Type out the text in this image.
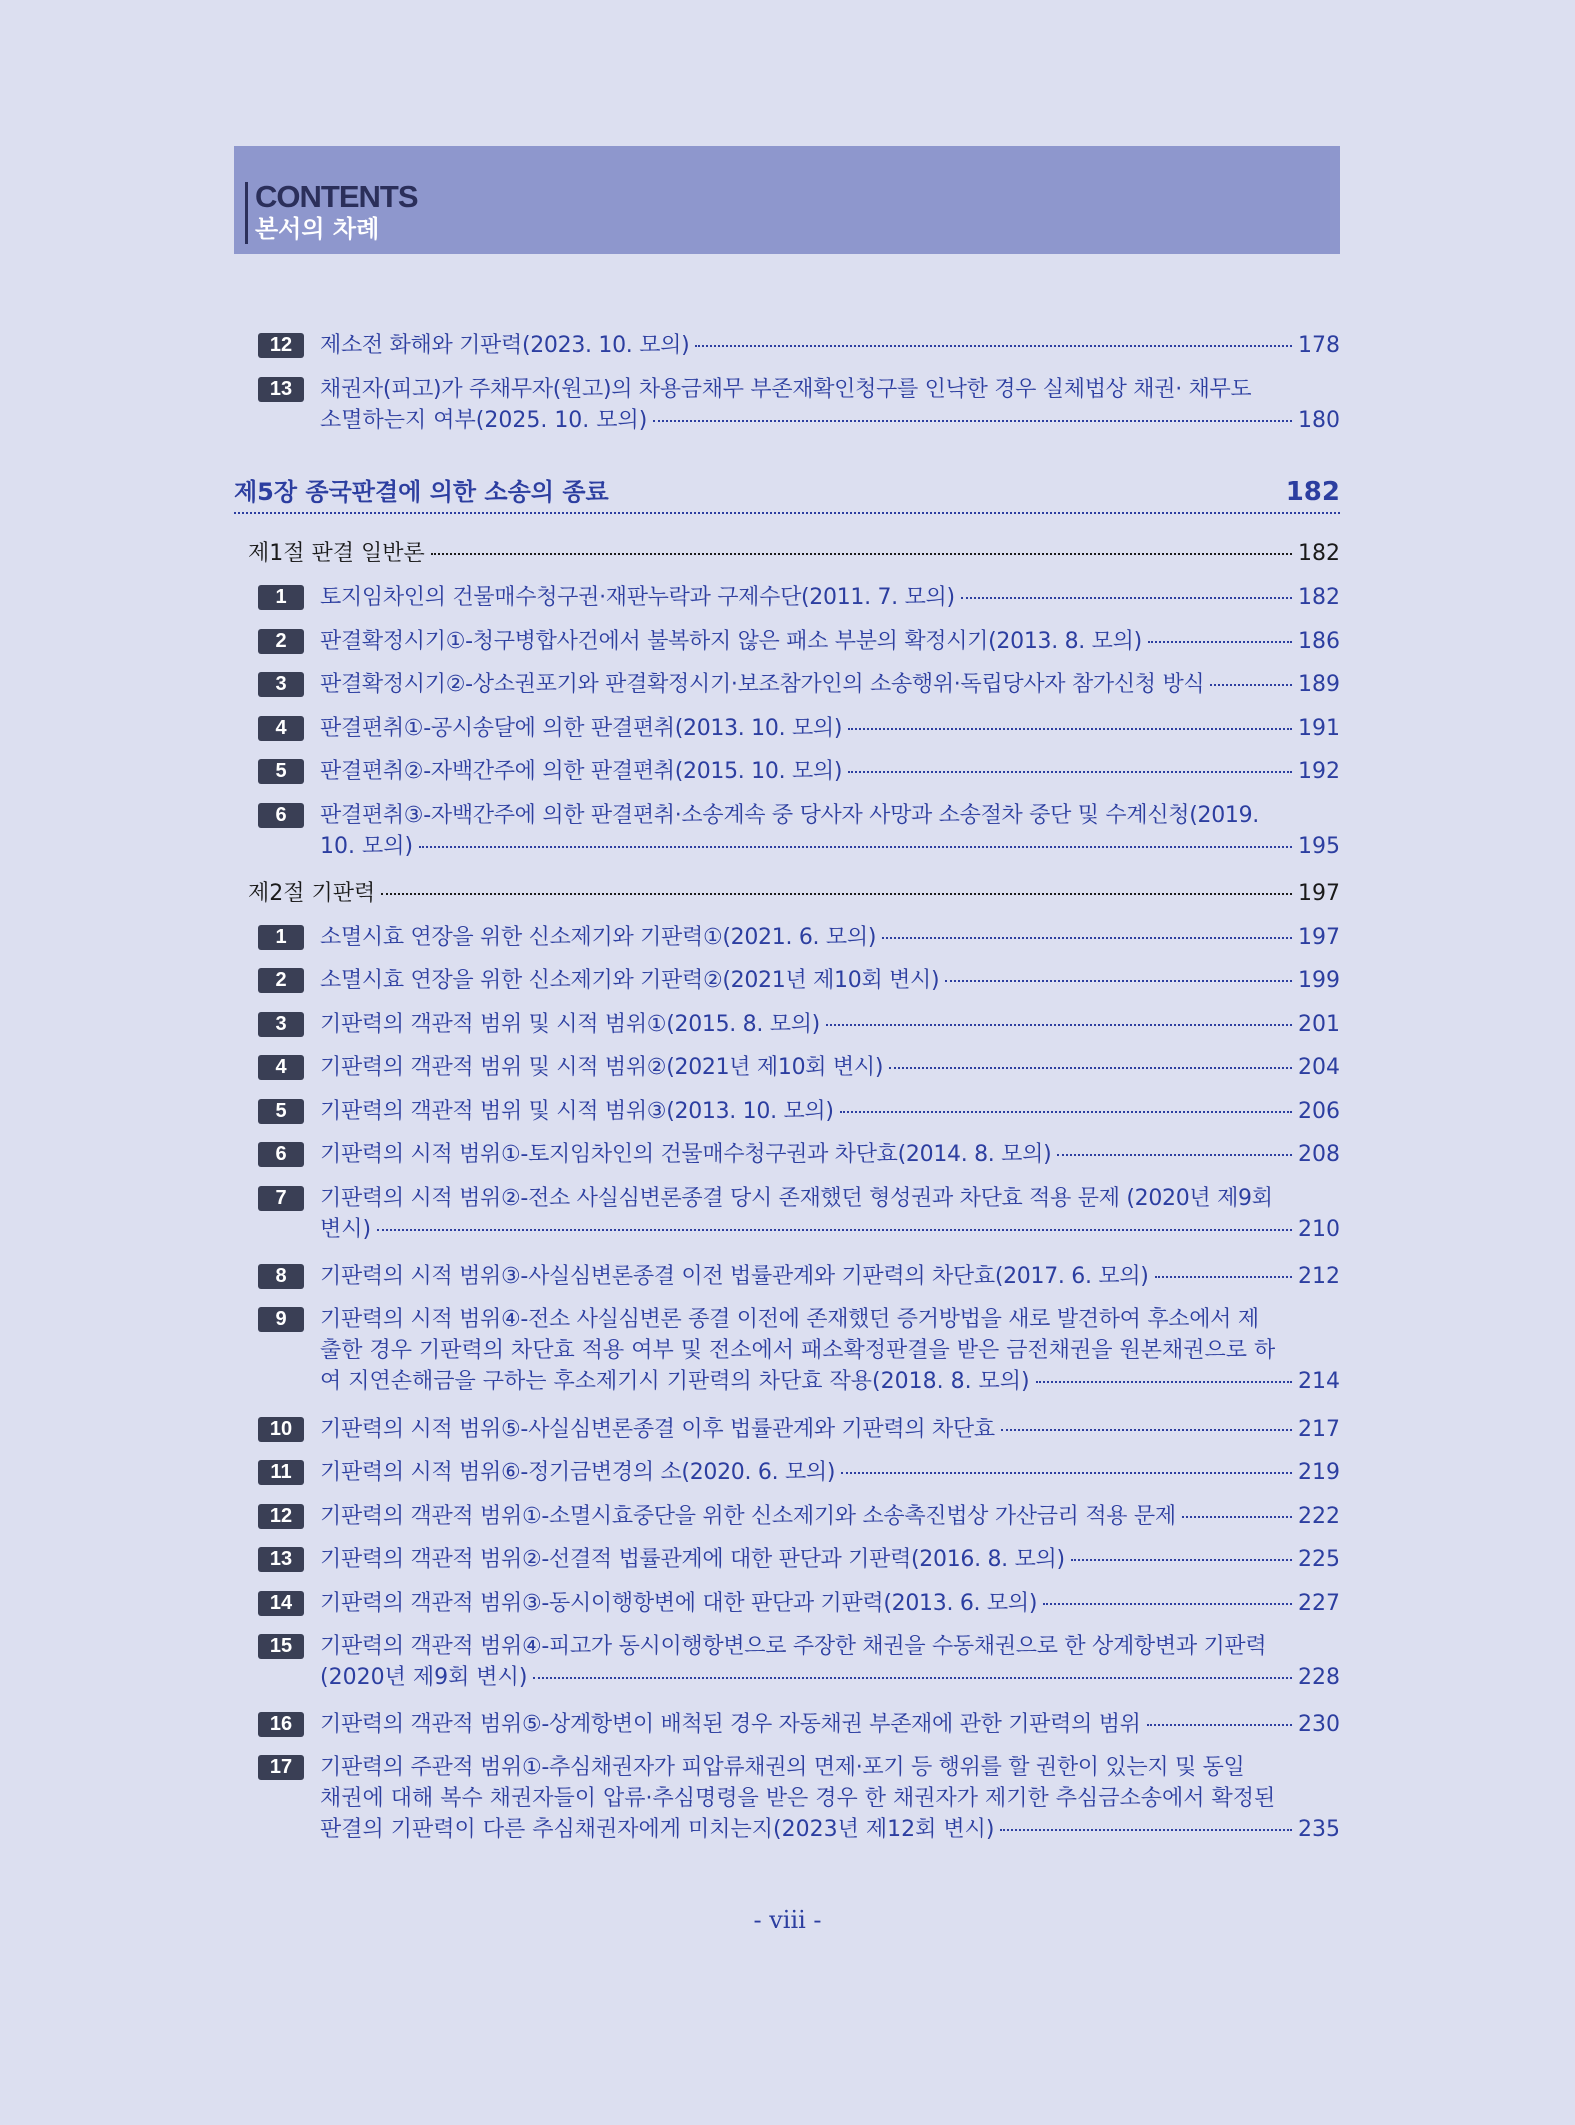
CONTENTS
본서의 차례
12	제소전 화해와 기판력(2023. 10. 모의)	178
13	채권자(피고)가 주채무자(원고)의 차용금채무 부존재확인청구를 인낙한 경우 실체법상 채권· 채무도
소멸하는지 여부(2025. 10. 모의)	180
제5장 종국판결에 의한 소송의 종료	182
제1절 판결 일반론	182
1	토지임차인의 건물매수청구권·재판누락과 구제수단(2011. 7. 모의)	182
2	판결확정시기①-청구병합사건에서 불복하지 않은 패소 부분의 확정시기(2013. 8. 모의)	186
3	판결확정시기②-상소권포기와 판결확정시기·보조참가인의 소송행위·독립당사자 참가신청 방식	189
4	판결편취①-공시송달에 의한 판결편취(2013. 10. 모의)	191
5	판결편취②-자백간주에 의한 판결편취(2015. 10. 모의)	192
6	판결편취③-자백간주에 의한 판결편취·소송계속 중 당사자 사망과 소송절차 중단 및 수계신청(2019.
10. 모의)	195
제2절 기판력	197
1	소멸시효 연장을 위한 신소제기와 기판력①(2021. 6. 모의)	197
2	소멸시효 연장을 위한 신소제기와 기판력②(2021년 제10회 변시)	199
3	기판력의 객관적 범위 및 시적 범위①(2015. 8. 모의)	201
4	기판력의 객관적 범위 및 시적 범위②(2021년 제10회 변시)	204
5	기판력의 객관적 범위 및 시적 범위③(2013. 10. 모의)	206
6	기판력의 시적 범위①-토지임차인의 건물매수청구권과 차단효(2014. 8. 모의)	208
7	기판력의 시적 범위②-전소 사실심변론종결 당시 존재했던 형성권과 차단효 적용 문제 (2020년 제9회
변시)	210
8	기판력의 시적 범위③-사실심변론종결 이전 법률관계와 기판력의 차단효(2017. 6. 모의)	212
9	기판력의 시적 범위④-전소 사실심변론 종결 이전에 존재했던 증거방법을 새로 발견하여 후소에서 제
출한 경우 기판력의 차단효 적용 여부 및 전소에서 패소확정판결을 받은 금전채권을 원본채권으로 하
여 지연손해금을 구하는 후소제기시 기판력의 차단효 작용(2018. 8. 모의)	214
10	기판력의 시적 범위⑤-사실심변론종결 이후 법률관계와 기판력의 차단효	217
11	기판력의 시적 범위⑥-정기금변경의 소(2020. 6. 모의)	219
12	기판력의 객관적 범위①-소멸시효중단을 위한 신소제기와 소송촉진법상 가산금리 적용 문제	222
13	기판력의 객관적 범위②-선결적 법률관계에 대한 판단과 기판력(2016. 8. 모의)	225
14	기판력의 객관적 범위③-동시이행항변에 대한 판단과 기판력(2013. 6. 모의)	227
15	기판력의 객관적 범위④-피고가 동시이행항변으로 주장한 채권을 수동채권으로 한 상계항변과 기판력
(2020년 제9회 변시)	228
16	기판력의 객관적 범위⑤-상계항변이 배척된 경우 자동채권 부존재에 관한 기판력의 범위	230
17	기판력의 주관적 범위①-추심채권자가 피압류채권의 면제·포기 등 행위를 할 권한이 있는지 및 동일
채권에 대해 복수 채권자들이 압류·추심명령을 받은 경우 한 채권자가 제기한 추심금소송에서 확정된
판결의 기판력이 다른 추심채권자에게 미치는지(2023년 제12회 변시)	235
- viii -
